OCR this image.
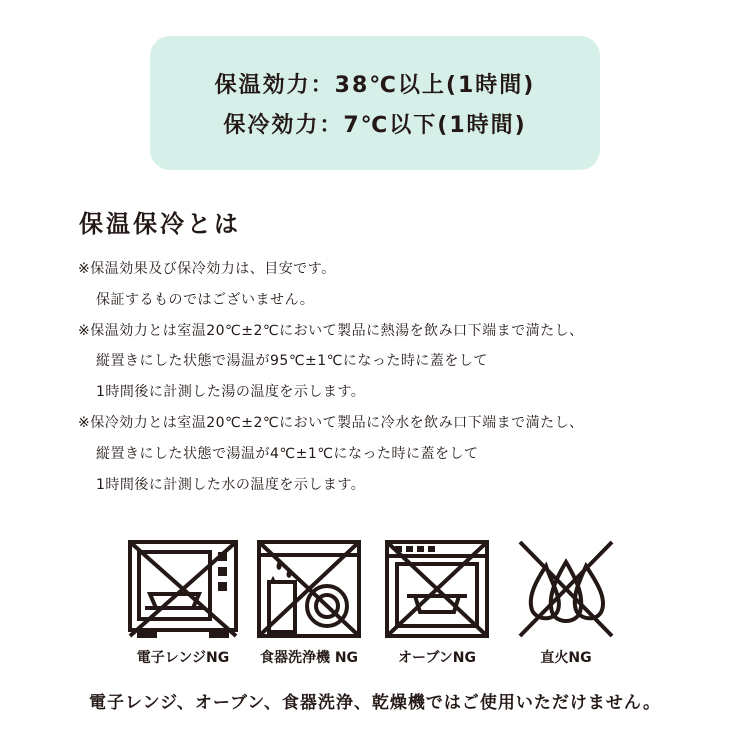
保温効力：38℃以上(1時間)
保冷効力：7℃以下(1時間)
保温保冷とは
※保温効果及び保冷効力は、目安です。
保証するものではございません。
※保温効力とは室温20℃±2℃において製品に熱湯を飲み口下端まで満たし、
縦置きにした状態で湯温が95℃±1℃になった時に蓋をして
1時間後に計測した湯の温度を示します。
※保冷効力とは室温20℃±2℃において製品に冷水を飲み口下端まで満たし、
縦置きにした状態で湯温が4℃±1℃になった時に蓋をして
1時間後に計測した水の温度を示します。
電子レンジNG	食器洗浄機 NG	オーブンNG	直火NG
電子レンジ、オーブン、食器洗浄、乾燥機ではご使用いただけません。
